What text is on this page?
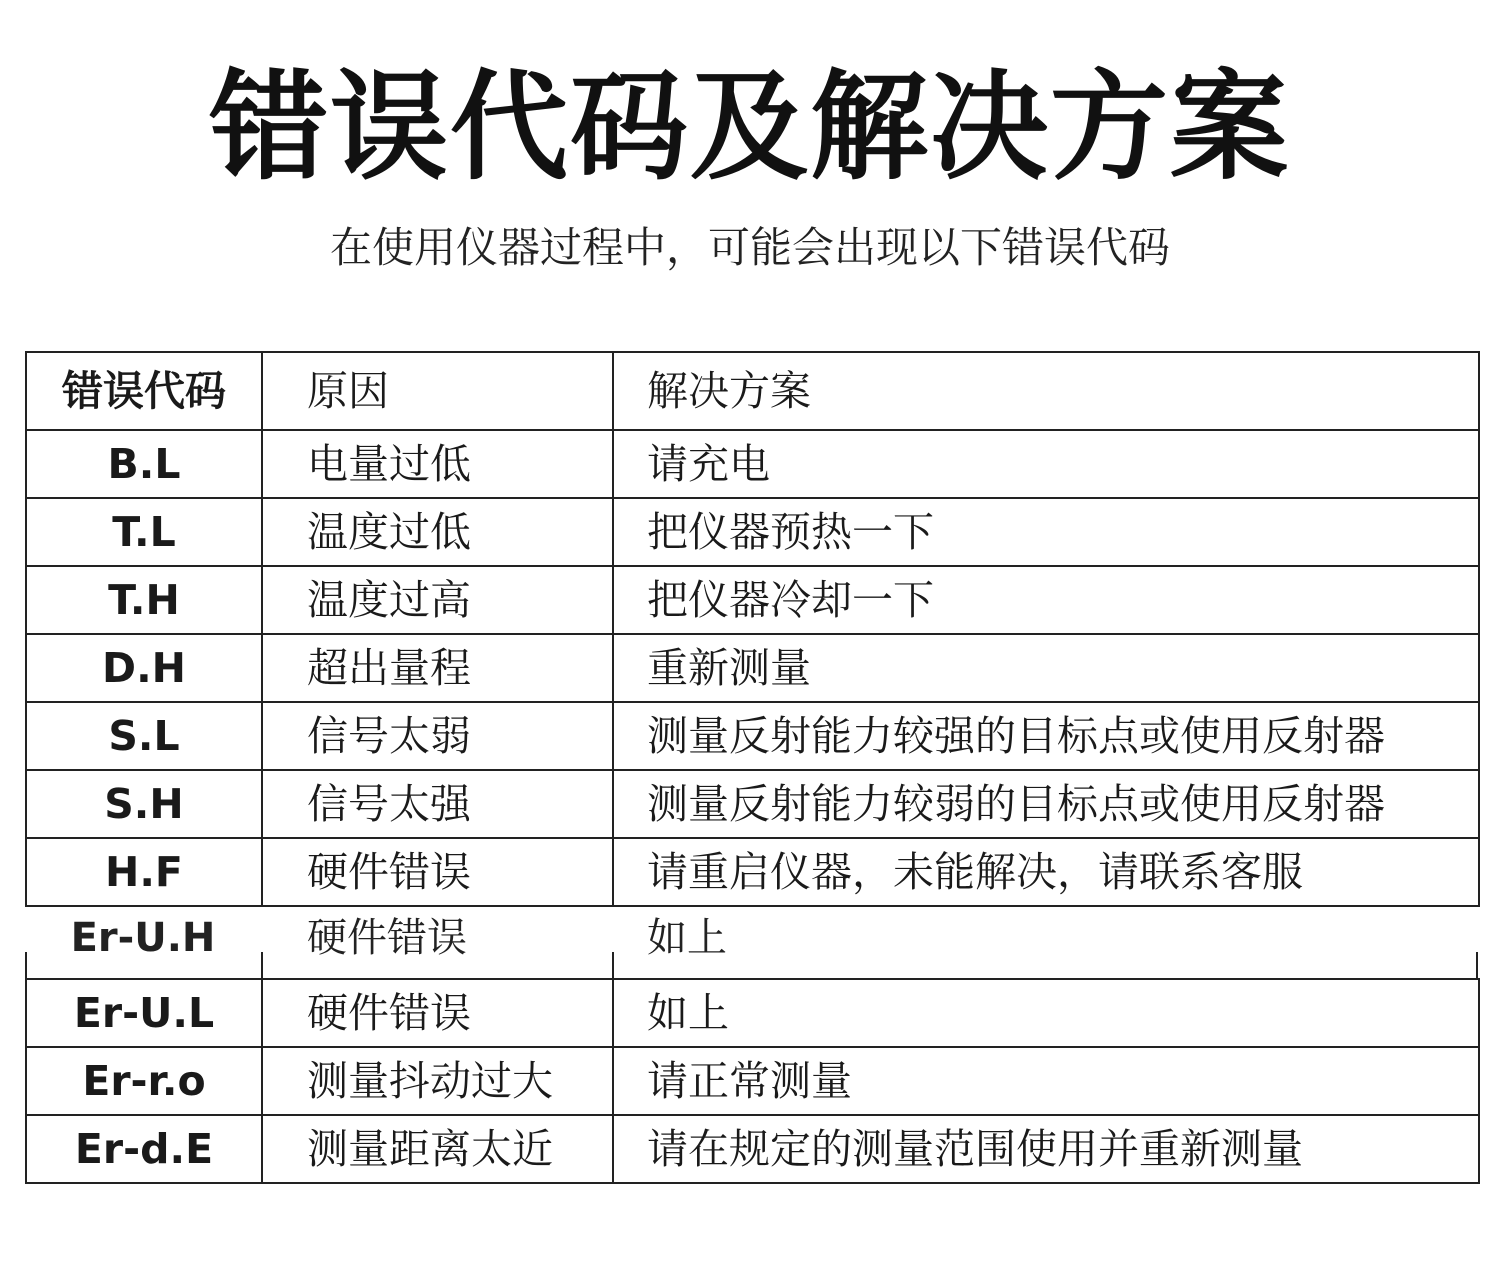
错误代码及解决方案
在使用仪器过程中，可能会出现以下错误代码
错误代码	原因	解决方案
B.L	电量过低	请充电
T.L	温度过低	把仪器预热一下
T.H	温度过高	把仪器冷却一下
D.H	超出量程	重新测量
S.L	信号太弱	测量反射能力较强的目标点或使用反射器
S.H	信号太强	测量反射能力较弱的目标点或使用反射器
H.F	硬件错误	请重启仪器，未能解决，请联系客服
Er-U.H	硬件错误	如上
Er-U.L	硬件错误	如上
Er-r.o	测量抖动过大	请正常测量
Er-d.E	测量距离太近	请在规定的测量范围使用并重新测量
